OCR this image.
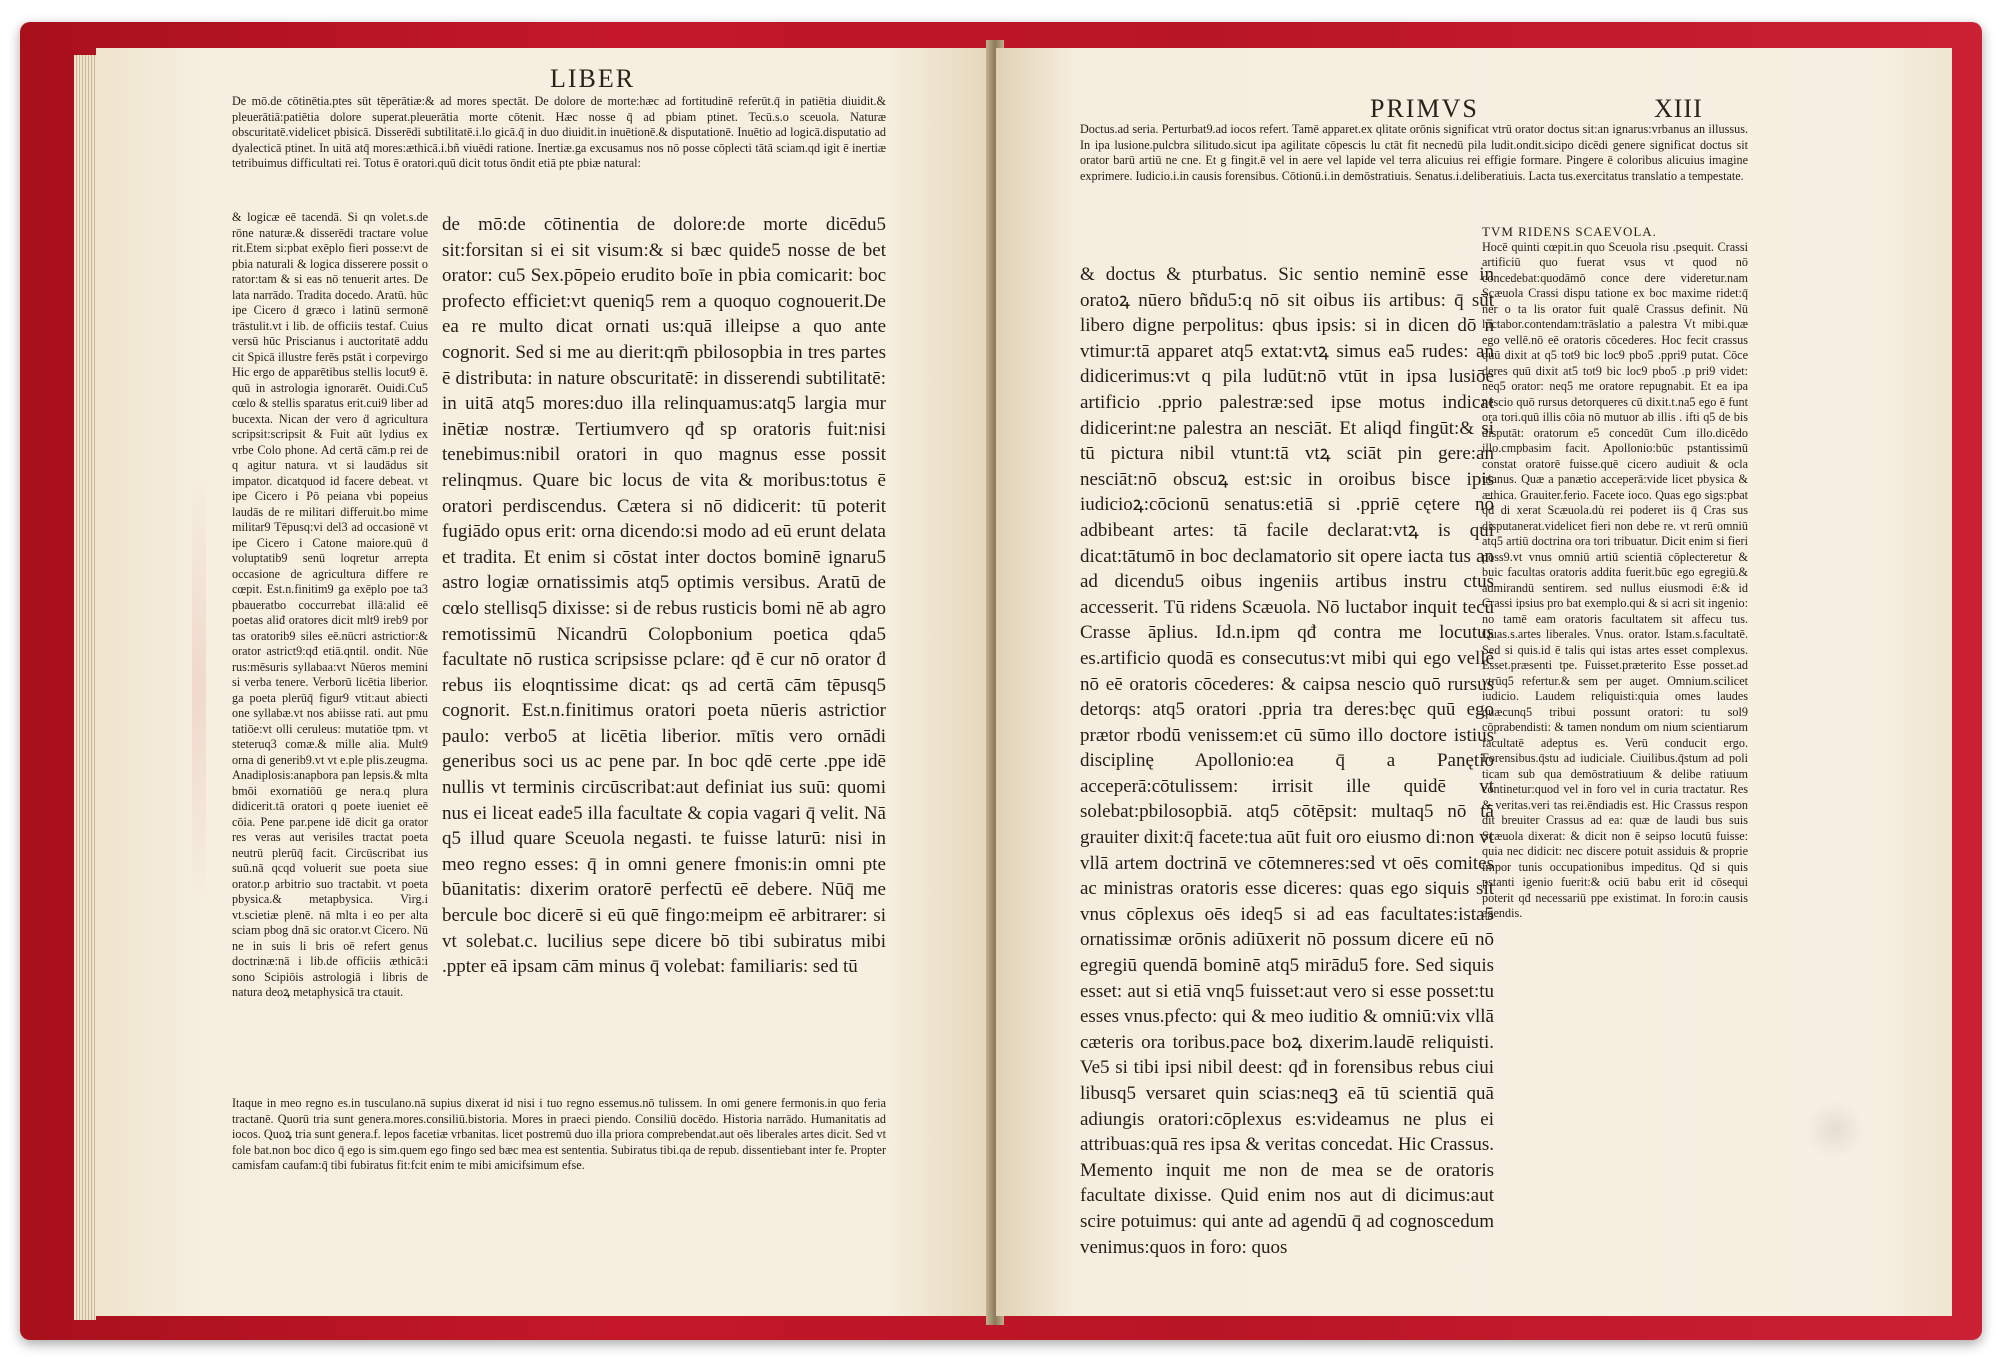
LIBER

De mō.de cōtinētia.ptes sūt tēperātiæ:& ad mores spectāt. De dolore de morte:hæc ad fortitudinē referūt.q̄ in patiētia diuidit.& pleuerātiā:patiētia dolore superat.pleuerātia morte cōtenit. Hæc nosse q̄ ad pbiam ptinet. Tecū.s.o sceuola. Naturæ obscuritatē.videlicet pbisicā. Disserēdi subtilitatē.i.lo gicā.q̄ in duo diuidit.in inuētionē.& disputationē. Inuētio ad logicā.disputatio ad dyalecticā ptinet. In uitā atq̄ mores:æthicā.i.bñ viuēdi ratione. Inertiæ.ga excusamus nos nō posse cōplecti tātā sciam.qd igit ē inertiæ tetribuimus difficultati rei. Totus ē oratori.quū dicit totus ōndit etiā pte pbiæ natural:

& logicæ eē tacendā. Si qn volet.s.de rōne naturæ.& disserēdi tractare volue rit.Etem si:pbat exēplo fieri posse:vt de pbia naturali & logica disserere possit o rator:tam & si eas nō tenuerit artes. De lata narrādo. Tradita docedo. Aratū. hūc ipe Cicero ḋ græco i latinū sermonē trāstulit.vt i lib. de officiis testaf. Cuius versū hūc Priscianus i auctoritatē addu cit Spicā illustre ferēs pstāt i corpevirgo Hic ergo de apparētibus stellis locut9 ē. quū in astrologia ignorarēt. Ouidi.Cu5 cœlo & stellis sparatus erit.cui9 liber ad bucexta. Nican der vero ḋ agricultura scripsit:scripsit & Fuit aūt lydius ex vrbe Colo phone. Ad certā cām.p rei de q agitur natura. vt si laudādus sit impator. dicatquod id facere debeat. vt ipe Cicero i Pō peiana vbi popeius laudās de re militari differuit.bo mime militar9 Tēpusq:vi del3 ad occasionē vt ipe Cicero i Catone maiore.quū ḋ voluptatib9 senū loqretur arrepta occasione de agricultura differe re cœpit. Est.n.finitim9 ga exēplo poe ta3 pbaueratbo coccurrebat illā:alid eē poetas aliđ oratores dicit mlt9 ireb9 por tas oratorib9 siles eē.nūcri astrictior:& orator astrict9:qđ etiā.qntil. ondit. Nūe rus:mēsuris syllabaa:vt Nūeros memini si verba tenere. Verborū licētia liberior. ga poeta plerūq̄ figur9 vtit:aut abiecti one syllabæ.vt nos abiisse rati. aut pmu tatiōe:vt olli ceruleus: mutatiōe tpm. vt steteruq3 comæ.& mille alia. Mult9 orna di generib9.vt vt e.ple plis.zeugma. Anadiplosis:anapbora pan lepsis.& mlta bmōi exornatiōū ge nera.q plura didicerit.tā oratori q poete iueniet eē cōia. Pene par.pene idē dicit ga orator res veras aut verisiles tractat poeta neutrū plerūq̄ facit. Circūscribat ius suū.nā qcqd voluerit sue poeta siue orator.p arbitrio suo tractabit. vt poeta pbysica.& metapbysica. Virg.i vt.scietiæ plenē. nā mlta i eo per alta sciam pbog dnā sic orator.vt Cicero. Nū ne in suis li bris oē refert genus doctrinæ:nā i lib.de officiis æthicā:i sono Scipiōis astrologiā i libris de natura deoꝝ metaphysicā tra ctauit.

de mō:de cōtinentia de dolore:de morte dicēdu5 sit:forsitan si ei sit visum:& si bæc quide5 nosse de bet orator: cu5 Sex.pōpeio erudito boīe in pbia comicarit: boc profecto efficiet:vt queniq5 rem a quoquo cognouerit.De ea re multo dicat ornati us:quā illeipse a quo ante cognorit. Sed si me au dierit:qm̄ pbilosopbia in tres partes ē distributa: in nature obscuritatē: in disserendi subtilitatē: in uitā atq5 mores:duo illa relinquamus:atq5 largia mur inētiæ nostræ. Tertiumvero qđ sp oratoris fuit:nisi tenebimus:nibil oratori in quo magnus esse possit relinqmus. Quare bic locus de vita & moribus:totus ē oratori perdiscendus. Cætera si nō didicerit: tū poterit fugiādo opus erit: orna dicendo:si modo ad eū erunt delata et tradita. Et enim si cōstat inter doctos bominē ignaru5 astro logiæ ornatissimis atq5 optimis versibus. Aratū de cœlo stellisq5 dixisse: si de rebus rusticis bomi nē ab agro remotissimū Nicandrū Colopbonium poetica qda5 facultate nō rustica scripsisse pclare: qđ ē cur nō orator ḋ rebus iis eloqntissime dicat: qs ad certā cām tēpusq5 cognorit. Est.n.finitimus oratori poeta nūeris astrictior paulo: verbo5 at licētia liberior. mītis vero ornādi generibus soci us ac pene par. In boc qdē certe .ppe idē nullis vt terminis circūscribat:aut definiat ius suū: quomi nus ei liceat eade5 illa facultate & copia vagari q̄ velit. Nā q5 illud quare Sceuola negasti. te fuisse laturū: nisi in meo regno esses: q̄ in omni genere fmonis:in omni pte būanitatis: dixerim oratorē perfectū eē debere. Nūq̄ me bercule boc dicerē si eū quē fingo:meipm eē arbitrarer: si vt solebat.c. lucilius sepe dicere bō tibi subiratus mibi .ppter eā ipsam cām minus q̄ volebat: familiaris: sed tū

Itaque in meo regno es.in tusculano.nā supius dixerat id nisi i tuo regno essemus.nō tulissem. In omi genere fermonis.in quo feria tractanē. Quorū tria sunt genera.mores.consiliū.bistoria. Mores in praeci piendo. Consiliū docēdo. Historia narrādo. Humanitatis ad iocos. Quoꝝ tria sunt genera.f. lepos facetiæ vrbanitas. licet postremū duo illa priora comprebendat.aut oēs liberales artes dicit. Sed vt fole bat.non boc dico q̄ ego is sim.quem ego fingo sed bæc mea est sententia. Subiratus tibi.qa de repub. dissentiebant inter fe. Propter camisfam caufam:q̄ tibi fubiratus fit:fcit enim te mibi amicifsimum efse.

PRIMVS	XIII

Doctus.ad seria. Perturbat9.ad iocos refert. Tamē apparet.ex qlitate orōnis significat vtrū orator doctus sit:an ignarus:vrbanus an illussus. In ipa lusione.pulcbra silitudo.sicut ipa agilitate cōpescis lu ctāt fit necnedū pila ludit.ondit.sicipo dicēdi genere significat doctus sit orator barū artiū ne cne. Et g fingit.ē vel in aere vel lapide vel terra alicuius rei effigie formare. Pingere ē coloribus alicuius imagine exprimere. Iudicio.i.in causis forensibus. Cōtionū.i.in demōstratiuis. Senatus.i.deliberatiuis. Lacta tus.exercitatus translatio a tempestate.

& doctus & pturbatus. Sic sentio neminē esse in oratoꝝ nūero bñdu5:q nō sit oibus iis artibus: q̄ sūt libero digne perpolitus: qbus ipsis: si in dicen dō n̄ vtimur:tā apparet atq5 extat:vtꝝ simus ea5 rudes: an didicerimus:vt q pila ludūt:nō vtūt in ipsa lusiōe artificio .pprio palestræ:sed ipse motus indicat didicerint:ne palestra an nesciāt. Et aliqd fingūt:& si tū pictura nibil vtunt:tā vtꝝ sciāt pin gere:an nesciāt:nō obscuꝝ est:sic in oroibus bisce ipis iudicioꝝ:cōcionū senatus:etiā si .ppriē cętere nō adbibeant artes: tā facile declarat:vtꝝ is qui dicat:tātumō in boc declamatorio sit opere iacta tus an ad dicendu5 oibus ingeniis artibus instru ctus accesserit. Tū ridens Scæuola. Nō luctabor inquit tecū Crasse āplius. Id.n.ipm qđ contra me locutus es.artificio quodā es consecutus:vt mibi qui ego vellē nō eē oratoris cōcederes: & caipsa nescio quō rursus detorqs: atq5 oratori .ppria tra deres:bęc quū ego prætor rbodū venissem:et cū sūmo illo doctore istius disciplinę Apollonio:ea q̄ a Panętio acceperā:cōtulissem: irrisit ille quidē vt solebat:pbilosopbiā. atq5 cōtēpsit: multaq5 nō tā grauiter dixit:q̄ facete:tua aūt fuit oro eiusmo di:non vt vllā artem doctrinā ve cōtemneres:sed vt oēs comites ac ministras oratoris esse diceres: quas ego siquis sit vnus cōplexus oēs ideq5 si ad eas facultates:ista5 ornatissimæ orōnis adiūxerit nō possum dicere eū nō egregiū quendā bominē atq5 mirādu5 fore. Sed siquis esset: aut si etiā vnq5 fuisset:aut vero si esse posset:tu esses vnus.pfecto: qui & meo iuditio & omniū:vix vllā cæteris ora toribus.pace boꝝ dixerim.laudē reliquisti. Ve5 si tibi ipsi nibil deest: qđ in forensibus rebus ciui libusq5 versaret quin scias:neqꝫ eā tū scientiā quā adiungis oratori:cōplexus es:videamus ne plus ei attribuas:quā res ipsa & veritas concedat. Hic Crassus. Memento inquit me non de mea se de oratoris facultate dixisse. Quid enim nos aut di dicimus:aut scire potuimus: qui ante ad agendū q̄ ad cognoscedum venimus:quos in foro: quos

TVM RIDENS SCAEVOLA.

Hocē quinti cœpit.in quo Sceuola risu .psequit. Crassi artificiū quo fuerat vsus vt quod nō concedebat:quodāmō conce dere videretur.nam Scæuola Crassi dispu tatione ex boc maxime ridet:q̄ ner o ta lis orator fuit qualē Crassus definit. Nū luctabor.contendam:trāslatio a palestra Vt mibi.quæ ego vellē.nō eē oratoris cōcederes. Hoc fecit crassus quū dixit at q5 tot9 bic loc9 pbo5 .ppri9 putat. Cōce deres quū dixit at5 tot9 bic loc9 pbo5 .p pri9 videt: neq5 orator: neq5 me oratore repugnabit. Et ea ipa nescio quō rursus detorqueres cū dixit.t.na5 ego ē funt ora tori.quū illis cōia nō mutuor ab illis . ifti q5 de bis disputāt: oratorum e5 concedūt Cum illo.dicēdo illo.cmpbasim facit. Apollonio:būc pstantissimū constat oratorē fuisse.quē cicero audiuit & ocla uianus. Quæ a panætio acceperā:vide licet pbysica & æthica. Grauiter.ferio. Facete ioco. Quas ego sigs:pbat qđ di xerat Scæuola.du̇ rei poderet iis q̄ Cras sus disputanerat.videlicet fieri non debe re. vt rerū omniū atq5 artiū doctrina ora tori tribuatur. Dicit enim si fieri poss9.vt vnus omniū artiū scientiā cōplecteretur & buic facultas oratoris addita fuerit.būc ego egregiū.& admirandū sentirem. sed nullus eiusmodi ē:& id Crassi ipsius pro bat exemplo.qui & si acri sit ingenio: no tamē eam oratoris facultatem sit affecu tus. Quas.s.artes liberales. Vnus. orator. Istam.s.facultatē. Sed si quis.id ē talis qui istas artes esset complexus. Esset.præsenti tpe. Fuisset.præterito Esse posset.ad vtrūq5 refertur.& sem per auget. Omnium.scilicet iudicio. Laudem reliquisti:quia omes laudes quæcunq5 tribui possunt oratori: tu sol9 cōprabendisti: & tamen nondum om nium scientiarum facultatē adeptus es. Verū conducit ergo. Forensibus.q̄stu ad iudiciale. Ciuilibus.q̄stum ad poli ticam sub qua demōstratiuum & delibe ratiuum continetur:quod vel in foro vel in curia tractatur. Res & veritas.veri tas rei.ēndiadis est. Hic Crassus respon dit breuiter Crassus ad ea: quæ de laudi bus suis Scæuola dixerat: & dicit non ē seipso locutū fuisse: quia nec didicit: nec discere potuit assiduis & proprie impor tunis occupationibus impeditus. Qđ si quis pstanti igenio fuerit:& ociū babu erit id cōsequi poterit qđ necessariū ppe existimat. In foro:in causis agendis.
